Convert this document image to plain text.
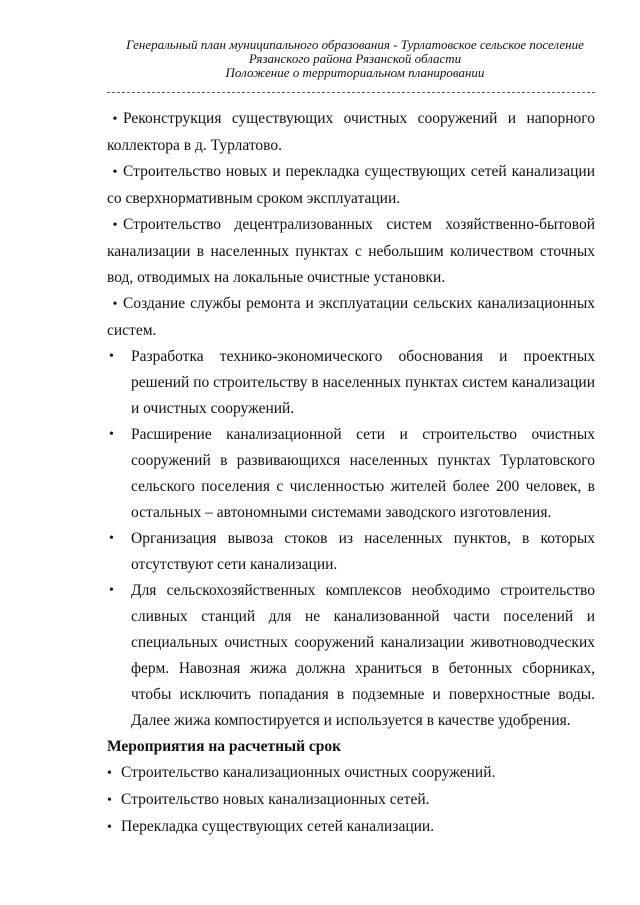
Генеральный план муниципального образования - Турлатовское сельское поселение
Рязанского района Рязанской области
Положение о территориальном планировании

• Реконструкция существующих очистных сооружений и напорного коллектора в д. Турлатово.

• Строительство новых и перекладка существующих сетей канализации со сверхнормативным сроком эксплуатации.

• Строительство децентрализованных систем хозяйственно-бытовой канализации в населенных пунктах с небольшим количеством сточных вод, отводимых на локальные очистные установки.

• Создание службы ремонта и эксплуатации сельских канализационных систем.

• Разработка технико-экономического обоснования и проектных решений по строительству в населенных пунктах систем канализации и очистных сооружений.

• Расширение канализационной сети и строительство очистных сооружений в развивающихся населенных пунктах Турлатовского сельского поселения с численностью жителей более 200 человек, в остальных – автономными системами заводского изготовления.

• Организация вывоза стоков из населенных пунктов, в которых отсутствуют сети канализации.

• Для сельскохозяйственных комплексов необходимо строительство сливных станций для не канализованной части поселений и специальных очистных сооружений канализации животноводческих ферм. Навозная жижа должна храниться в бетонных сборниках, чтобы исключить попадания в подземные и поверхностные воды. Далее жижа компостируется и используется в качестве удобрения.

Мероприятия на расчетный срок

• Строительство канализационных очистных сооружений.

• Строительство новых канализационных сетей.

• Перекладка существующих сетей канализации.
